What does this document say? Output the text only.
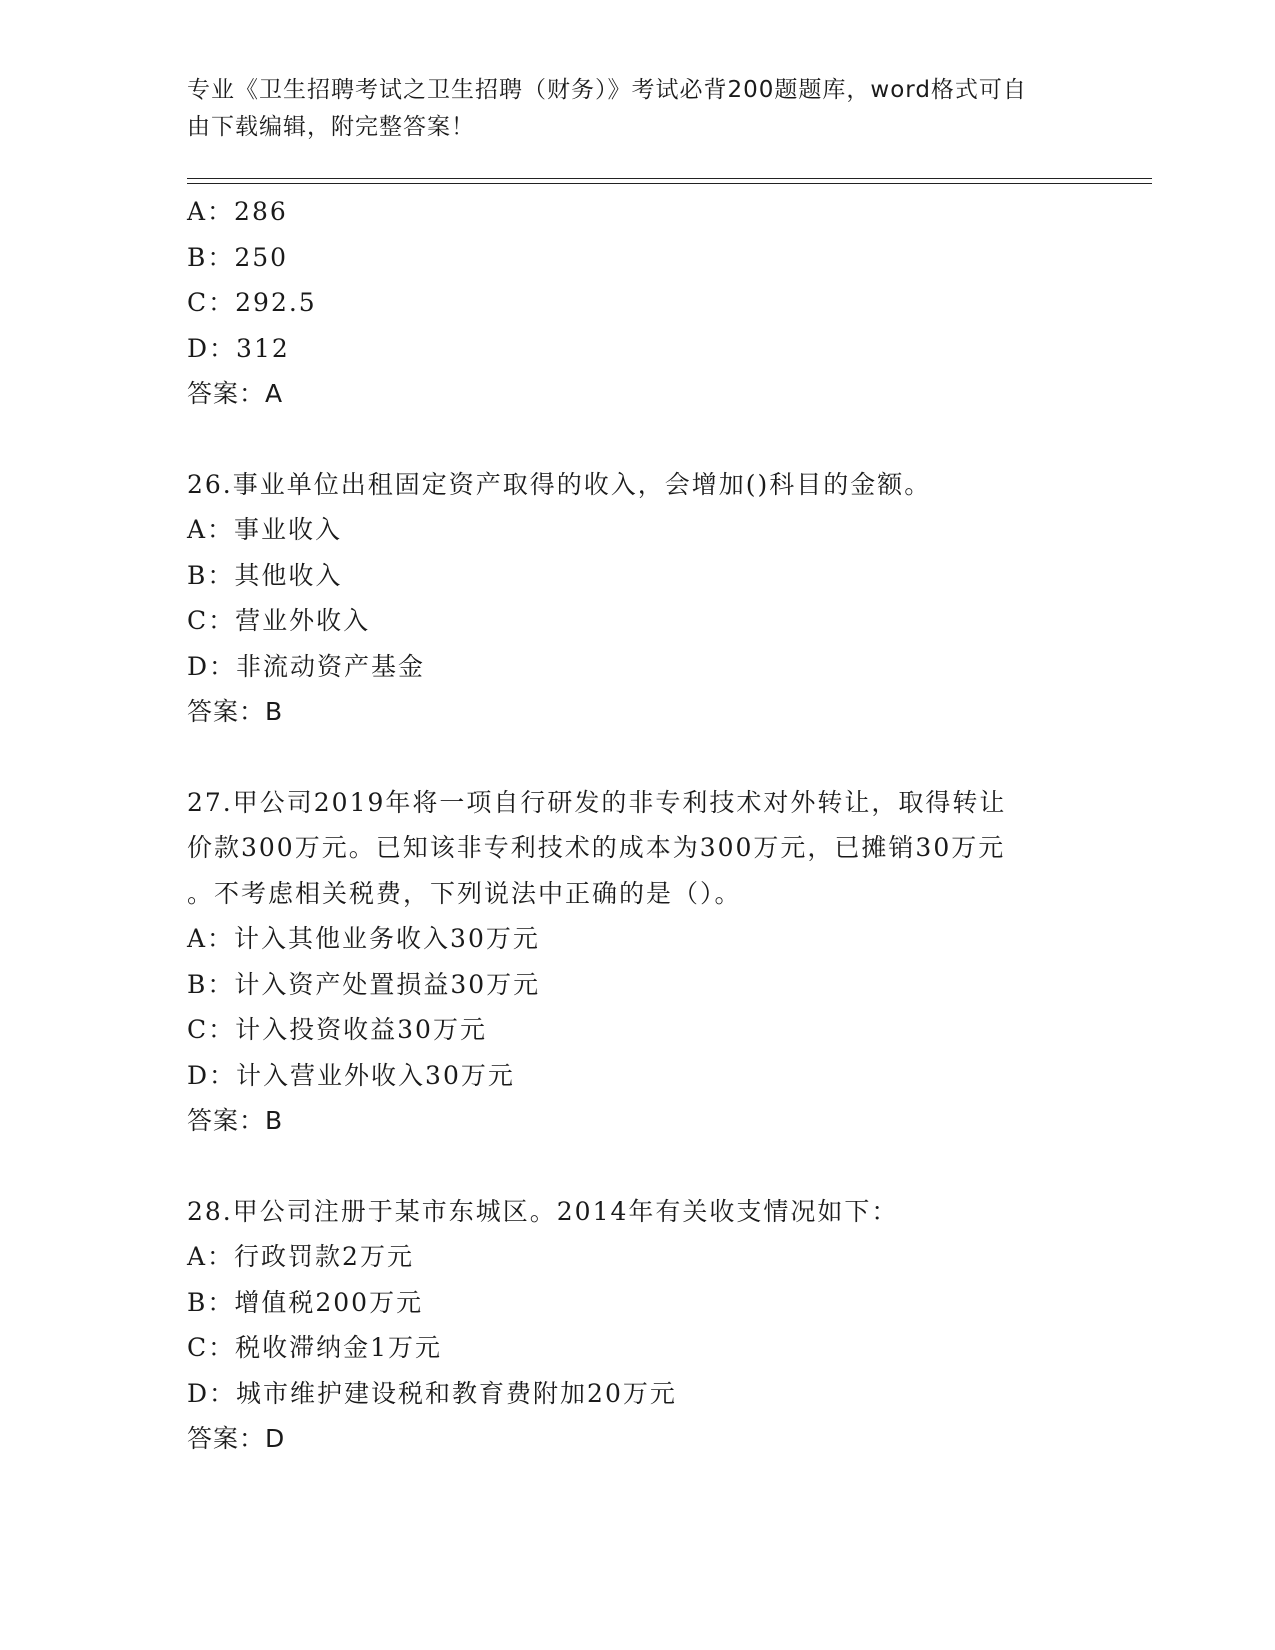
专业《卫生招聘考试之卫生招聘（财务）》考试必背200题题库，word格式可自
由下载编辑，附完整答案！
A：286
B：250
C：292.5
D：312
答案：A
26.事业单位出租固定资产取得的收入，会增加()科目的金额。
A：事业收入
B：其他收入
C：营业外收入
D：非流动资产基金
答案：B
27.甲公司2019年将一项自行研发的非专利技术对外转让，取得转让
价款300万元。已知该非专利技术的成本为300万元，已摊销30万元
。不考虑相关税费，下列说法中正确的是（）。
A：计入其他业务收入30万元
B：计入资产处置损益30万元
C：计入投资收益30万元
D：计入营业外收入30万元
答案：B
28.甲公司注册于某市东城区。2014年有关收支情况如下：
A：行政罚款2万元
B：增值税200万元
C：税收滞纳金1万元
D：城市维护建设税和教育费附加20万元
答案：D
